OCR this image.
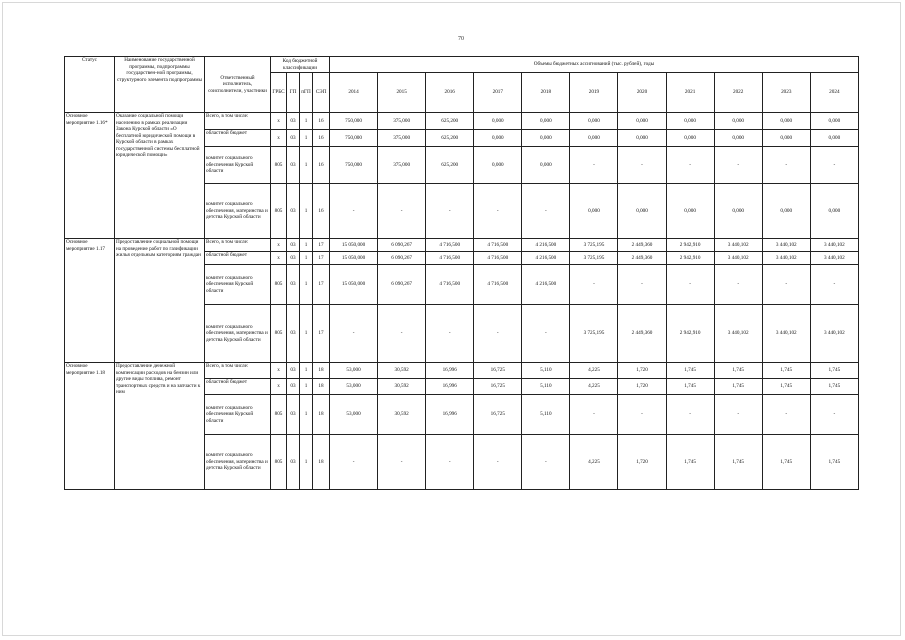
70
Статус	Наименование государственной программы, подпрограммы государствен-ной программы, структурного элемента подпрограммы	Ответственный исполнитель, соисполнители, участники	Код бюджетной классификации				Объемы бюджетных ассигнований (тыс. рублей), годы										
			ГРБС	ГП	пГП	СЭП	2014	2015	2016	2017	2018	2019	2020	2021	2022	2023	2024
Основное мероприятие 1.16*	Оказание социальной помощи населению в рамках реализации Закона Курской области «О бесплатной юридической помощи в Курской области в рамках государственной системы бесплатной юридической помощи»	Всего, в том числе:	х	03	1	16	750,000	375,000	625,200	0,000	0,000	0,000	0,000	0,000	0,000	0,000	0,000
		областной бюджет	х	03	1	16	750,000	375,000	625,200	0,000	0,000	0,000	0,000	0,000	0,000	0,000	0,000
		комитет социального обеспечения Курской области	805	03	1	16	750,000	375,000	625,200	0,000	0,000	-	-	-	-	-	-
		комитет социального обеспечения, материнства и детства Курской области	805	03	1	16	-	-	-	-	-	0,000	0,000	0,000	0,000	0,000	0,000
Основное мероприятие 1.17	Предоставление социальной помощи на проведение работ по газификации жилья отдельным категориям граждан	Всего, в том числе:	х	03	1	17	15 050,000	6 090,267	4 716,500	4 716,500	4 216,500	3 725,195	2 449,360	2 942,910	3 440,102	3 440,102	3 440,102
		областной бюджет	х	03	1	17	15 050,000	6 090,267	4 716,500	4 716,500	4 216,500	3 725,195	2 449,360	2 942,910	3 440,102	3 440,102	3 440,102
		комитет социального обеспечения Курской области	805	03	1	17	15 050,000	6 090,267	4 716,500	4 716,500	4 216,500	-	-	-	-	-	-
		комитет социального обеспечения, материнства и детства Курской области	805	03	1	17	-	-	-	-	-	3 725,195	2 449,360	2 942,910	3 440,102	3 440,102	3 440,102
Основное мероприятие 1.18	Предоставление денежной компенсации расходов на бензин или другие виды топлива, ремонт транспортных средств и на запчасти к ним	Всего, в том числе:	х	03	1	18	53,000	30,592	16,996	16,725	5,110	4,225	1,720	1,745	1,745	1,745	1,745
		областной бюджет	х	03	1	18	53,000	30,592	16,996	16,725	5,110	4,225	1,720	1,745	1,745	1,745	1,745
		комитет социального обеспечения Курской области	805	03	1	18	53,000	30,592	16,996	16,725	5,110	-	-	-	-	-	-
		комитет социального обеспечения, материнства и детства Курской области	805	03	1	18	-	-	-	-	-	4,225	1,720	1,745	1,745	1,745	1,745
